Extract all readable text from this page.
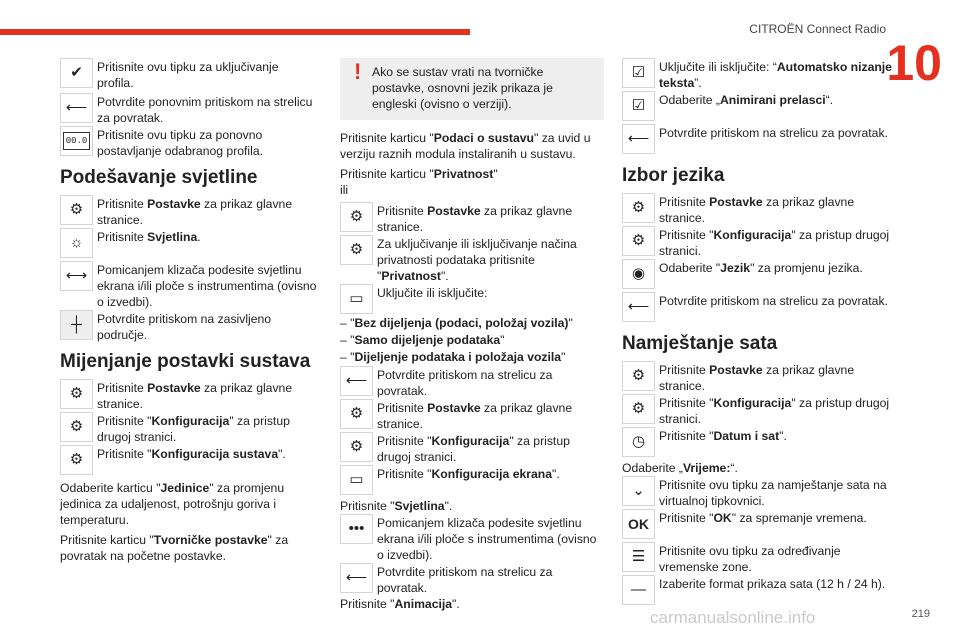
CITROËN Connect Radio
10
✔	Pritisnite ovu tipku za uključivanje profila.
⟵ Potvrdite ponovnim pritiskom na strelicu za povratak.
00.0 Pritisnite ovu tipku za ponovno postavljanje odabranog profila.
Podešavanje svjetline
⚙	Pritisnite Postavke za prikaz glavne stranice.
☼	Pritisnite Svjetlina.
⟷ Pomicanjem klizača podesite svjetlinu ekrana i/ili ploče s instrumentima (ovisno o izvedbi).
┼	Potvrdite pritiskom na zasivljeno područje.
Mijenjanje postavki sustava
⚙	Pritisnite Postavke za prikaz glavne stranice.
⚙	Pritisnite "Konfiguracija" za pristup drugoj stranici.
⚙	Pritisnite "Konfiguracija sustava".
Odaberite karticu "Jedinice" za promjenu jedinica za udaljenost, potrošnju goriva i temperaturu.
Pritisnite karticu "Tvorničke postavke" za povratak na početne postavke.
! Ako se sustav vrati na tvorničke postavke, osnovni jezik prikaza je engleski (ovisno o verziji).
Pritisnite karticu "Podaci o sustavu" za uvid u verziju raznih modula instaliranih u sustavu.
Pritisnite karticu "Privatnost"
ili
⚙	Pritisnite Postavke za prikaz glavne stranice.
⚙	Za uključivanje ili isključivanje načina privatnosti podataka pritisnite "Privatnost".
▭	Uključite ili isključite:
– "Bez dijeljenja (podaci, položaj vozila)"
– "Samo dijeljenje podataka"
– "Dijeljenje podataka i položaja vozila"
⟵ Potvrdite pritiskom na strelicu za povratak.
⚙	Pritisnite Postavke za prikaz glavne stranice.
⚙	Pritisnite "Konfiguracija" za pristup drugoj stranici.
▭	Pritisnite "Konfiguracija ekrana".
Pritisnite "Svjetlina".
•••	Pomicanjem klizača podesite svjetlinu ekrana i/ili ploče s instrumentima (ovisno o izvedbi).
⟵ Potvrdite pritiskom na strelicu za povratak.
Pritisnite "Animacija".
☑	Uključite ili isključite: “Automatsko nizanje teksta”.
☑	Odaberite „Animirani prelasci“.
⟵ Potvrdite pritiskom na strelicu za povratak.
Izbor jezika
⚙	Pritisnite Postavke za prikaz glavne stranice.
⚙	Pritisnite "Konfiguracija" za pristup drugoj stranici.
◉	Odaberite "Jezik" za promjenu jezika.
⟵ Potvrdite pritiskom na strelicu za povratak.
Namještanje sata
⚙	Pritisnite Postavke za prikaz glavne stranice.
⚙	Pritisnite "Konfiguracija" za pristup drugoj stranici.
◷	Pritisnite "Datum i sat".
Odaberite „Vrijeme:“.
⌄	Pritisnite ovu tipku za namještanje sata na virtualnoj tipkovnici.
OK Pritisnite "OK" za spremanje vremena.
☰	Pritisnite ovu tipku za određivanje vremenske zone.
—	Izaberite format prikaza sata (12 h / 24 h).
carmanualsonline.info	219
